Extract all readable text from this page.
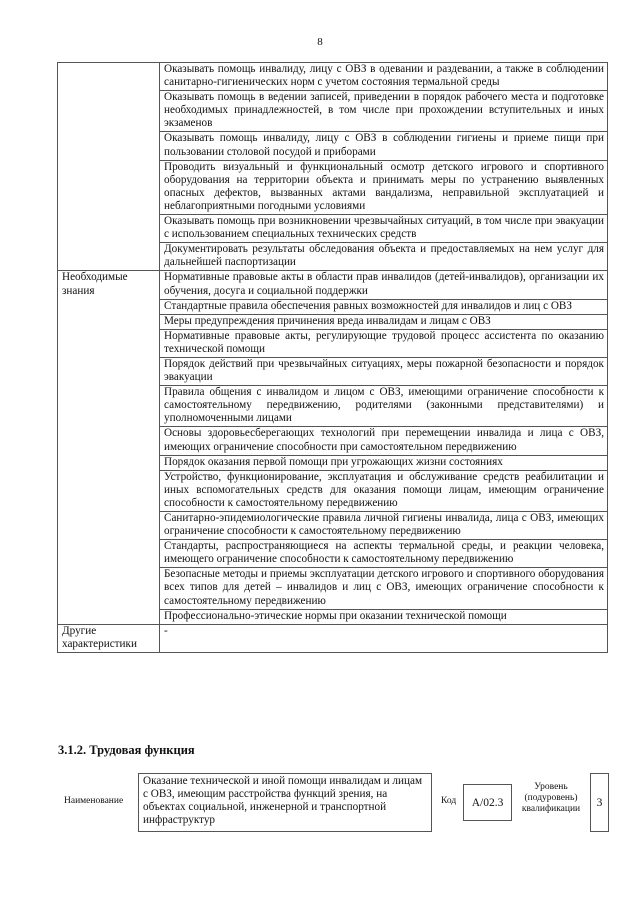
8
	Оказывать помощь инвалиду, лицу с ОВЗ в одевании и раздевании, а также в соблюдении санитарно-гигиенических норм с учетом состояния термальной среды
	Оказывать помощь в ведении записей, приведении в порядок рабочего места и подготовке необходимых принадлежностей, в том числе при прохождении вступительных и иных экзаменов
	Оказывать помощь инвалиду, лицу с ОВЗ в соблюдении гигиены и приеме пищи при пользовании столовой посудой и приборами
	Проводить визуальный и функциональный осмотр детского игрового и спортивного оборудования на территории объекта и принимать меры по устранению выявленных опасных дефектов, вызванных актами вандализма, неправильной эксплуатацией и неблагоприятными погодными условиями
	Оказывать помощь при возникновении чрезвычайных ситуаций, в том числе при эвакуации с использованием специальных технических средств
	Документировать результаты обследования объекта и предоставляемых на нем услуг для дальнейшей паспортизации
Необходимые знания	Нормативные правовые акты в области прав инвалидов (детей-инвалидов), организации их обучения, досуга и социальной поддержки
	Стандартные правила обеспечения равных возможностей для инвалидов и лиц с ОВЗ
	Меры предупреждения причинения вреда инвалидам и лицам с ОВЗ
	Нормативные правовые акты, регулирующие трудовой процесс ассистента по оказанию технической помощи
	Порядок действий при чрезвычайных ситуациях, меры пожарной безопасности и порядок эвакуации
	Правила общения с инвалидом и лицом с ОВЗ, имеющими ограничение способности к самостоятельному передвижению, родителями (законными представителями) и уполномоченными лицами
	Основы здоровьесберегающих технологий при перемещении инвалида и лица с ОВЗ, имеющих ограничение способности при самостоятельном передвижению
	Порядок оказания первой помощи при угрожающих жизни состояниях
	Устройство, функционирование, эксплуатация и обслуживание средств реабилитации и иных вспомогательных средств для оказания помощи лицам, имеющим ограничение способности к самостоятельному передвижению
	Санитарно-эпидемиологические правила личной гигиены инвалида, лица с ОВЗ, имеющих ограничение способности к самостоятельному передвижению
	Стандарты, распространяющиеся на аспекты термальной среды, и реакции человека, имеющего ограничение способности к самостоятельному передвижению
	Безопасные методы и приемы эксплуатации детского игрового и спортивного оборудования всех типов для детей – инвалидов и лиц с ОВЗ, имеющих ограничение способности к самостоятельному передвижению
	Профессионально-этические нормы при оказании технической помощи
Другие характеристики	-
3.1.2. Трудовая функция
Наименование
Оказание технической и иной помощи инвалидам и лицам с ОВЗ, имеющим расстройства функций зрения, на объектах социальной, инженерной и транспортной инфраструктур
Код	A/02.3
Уровень (подуровень) квалификации
3
